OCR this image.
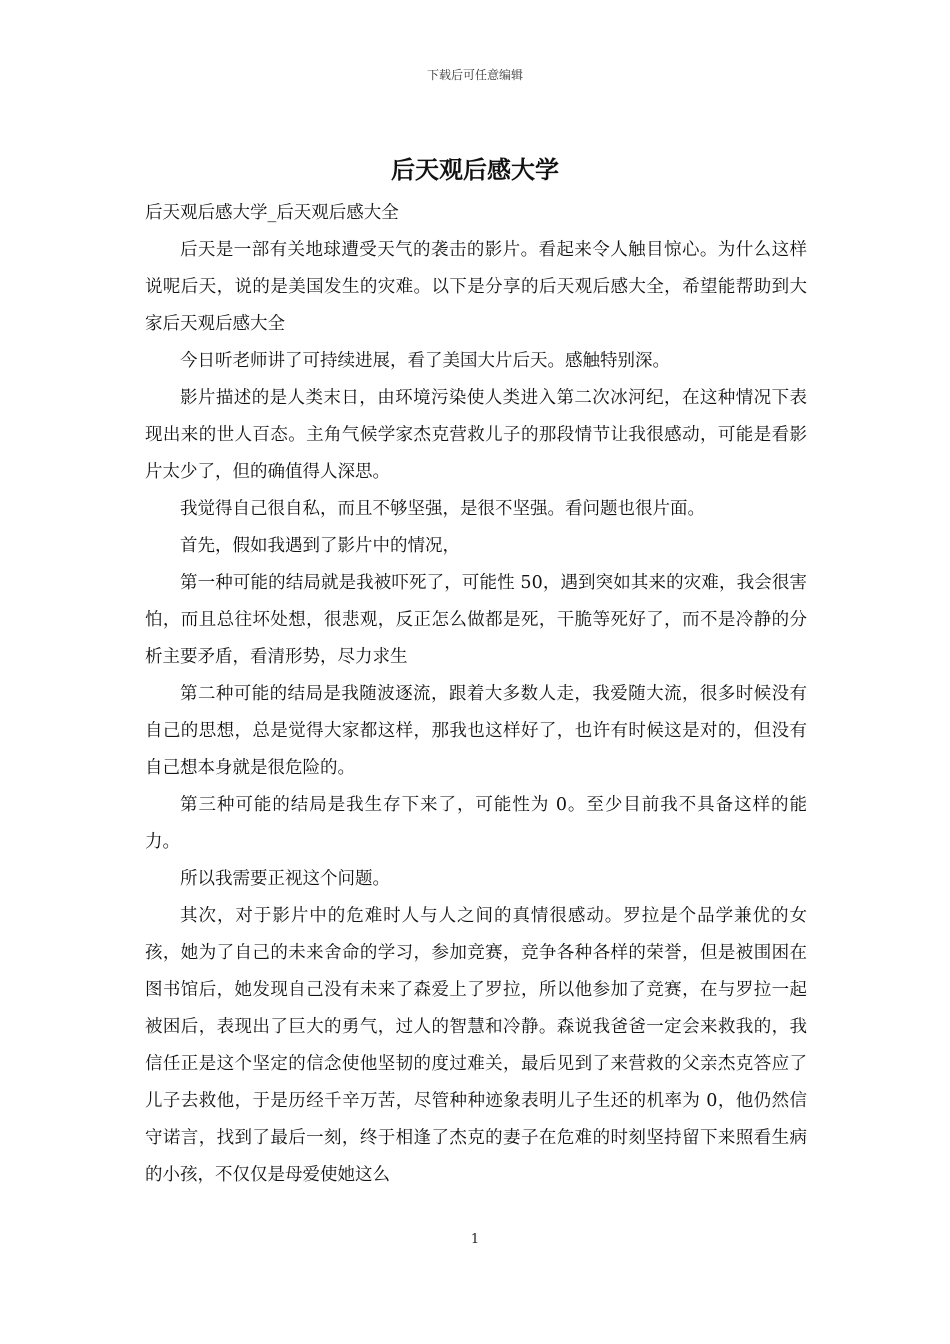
下载后可任意编辑
后天观后感大学

后天观后感大学_后天观后感大全

后天是一部有关地球遭受天气的袭击的影片。看起来令人触目惊心。为什么这样说呢后天，说的是美国发生的灾难。以下是分享的后天观后感大全，希望能帮助到大家后天观后感大全

今日听老师讲了可持续进展，看了美国大片后天。感触特别深。

影片描述的是人类末日，由环境污染使人类进入第二次冰河纪，在这种情况下表现出来的世人百态。主角气候学家杰克营救儿子的那段情节让我很感动，可能是看影片太少了，但的确值得人深思。

我觉得自己很自私，而且不够坚强，是很不坚强。看问题也很片面。

首先，假如我遇到了影片中的情况，

第一种可能的结局就是我被吓死了，可能性 50，遇到突如其来的灾难，我会很害怕，而且总往坏处想，很悲观，反正怎么做都是死，干脆等死好了，而不是冷静的分析主要矛盾，看清形势，尽力求生

第二种可能的结局是我随波逐流，跟着大多数人走，我爱随大流，很多时候没有自己的思想，总是觉得大家都这样，那我也这样好了，也许有时候这是对的，但没有自己想本身就是很危险的。

第三种可能的结局是我生存下来了，可能性为 0。至少目前我不具备这样的能力。

所以我需要正视这个问题。

其次，对于影片中的危难时人与人之间的真情很感动。罗拉是个品学兼优的女孩，她为了自己的未来舍命的学习，参加竞赛，竞争各种各样的荣誉，但是被围困在图书馆后，她发现自己没有未来了森爱上了罗拉，所以他参加了竞赛，在与罗拉一起被困后，表现出了巨大的勇气，过人的智慧和冷静。森说我爸爸一定会来救我的，我信任正是这个坚定的信念使他坚韧的度过难关，最后见到了来营救的父亲杰克答应了儿子去救他，于是历经千辛万苦，尽管种种迹象表明儿子生还的机率为 0，他仍然信守诺言，找到了最后一刻，终于相逢了杰克的妻子在危难的时刻坚持留下来照看生病的小孩，不仅仅是母爱使她这么

1
